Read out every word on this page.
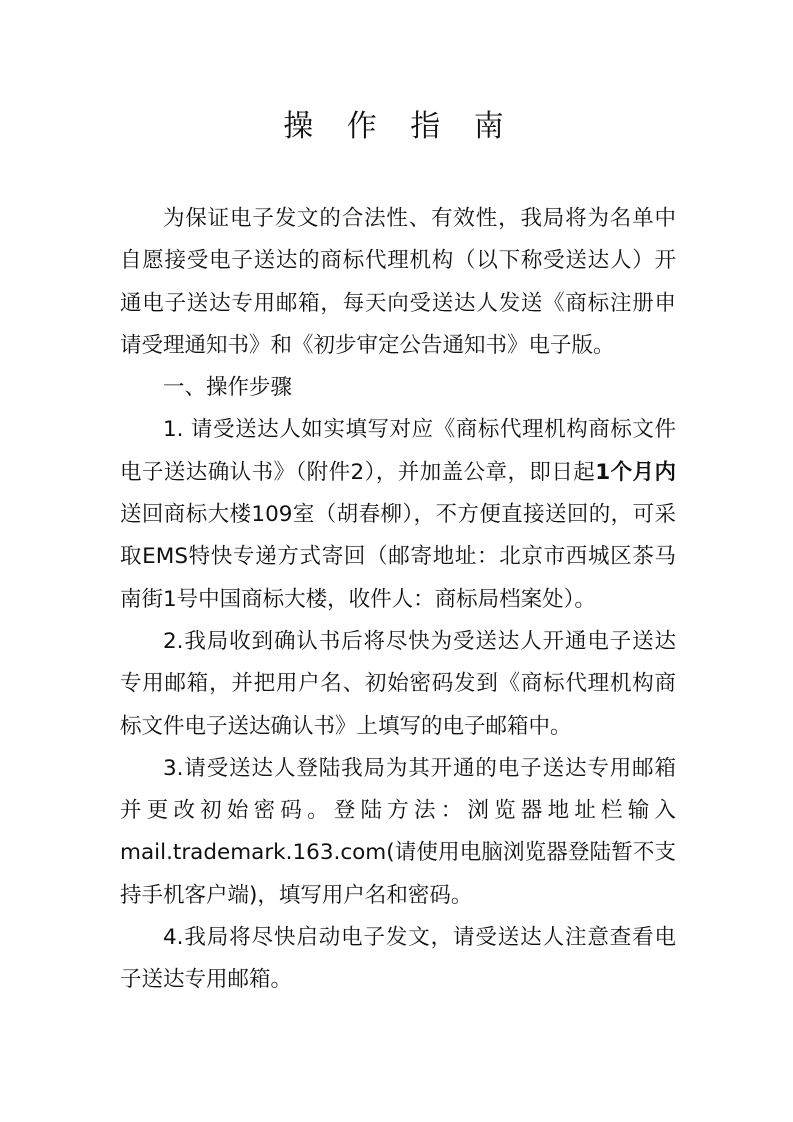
操 作 指 南

为保证电子发文的合法性、有效性，我局将为名单中自愿接受电子送达的商标代理机构（以下称受送达人）开通电子送达专用邮箱，每天向受送达人发送《商标注册申请受理通知书》和《初步审定公告通知书》电子版。

一、操作步骤

1. 请受送达人如实填写对应《商标代理机构商标文件电子送达确认书》（附件2），并加盖公章，即日起1个月内送回商标大楼109室（胡春柳），不方便直接送回的，可采取EMS特快专递方式寄回（邮寄地址：北京市西城区茶马南街1号中国商标大楼，收件人：商标局档案处）。

2.我局收到确认书后将尽快为受送达人开通电子送达专用邮箱，并把用户名、初始密码发到《商标代理机构商标文件电子送达确认书》上填写的电子邮箱中。

3.请受送达人登陆我局为其开通的电子送达专用邮箱并更改初始密码。登陆方法：浏览器地址栏输入mail.trademark.163.com(请使用电脑浏览器登陆暂不支持手机客户端)，填写用户名和密码。

4.我局将尽快启动电子发文，请受送达人注意查看电子送达专用邮箱。
